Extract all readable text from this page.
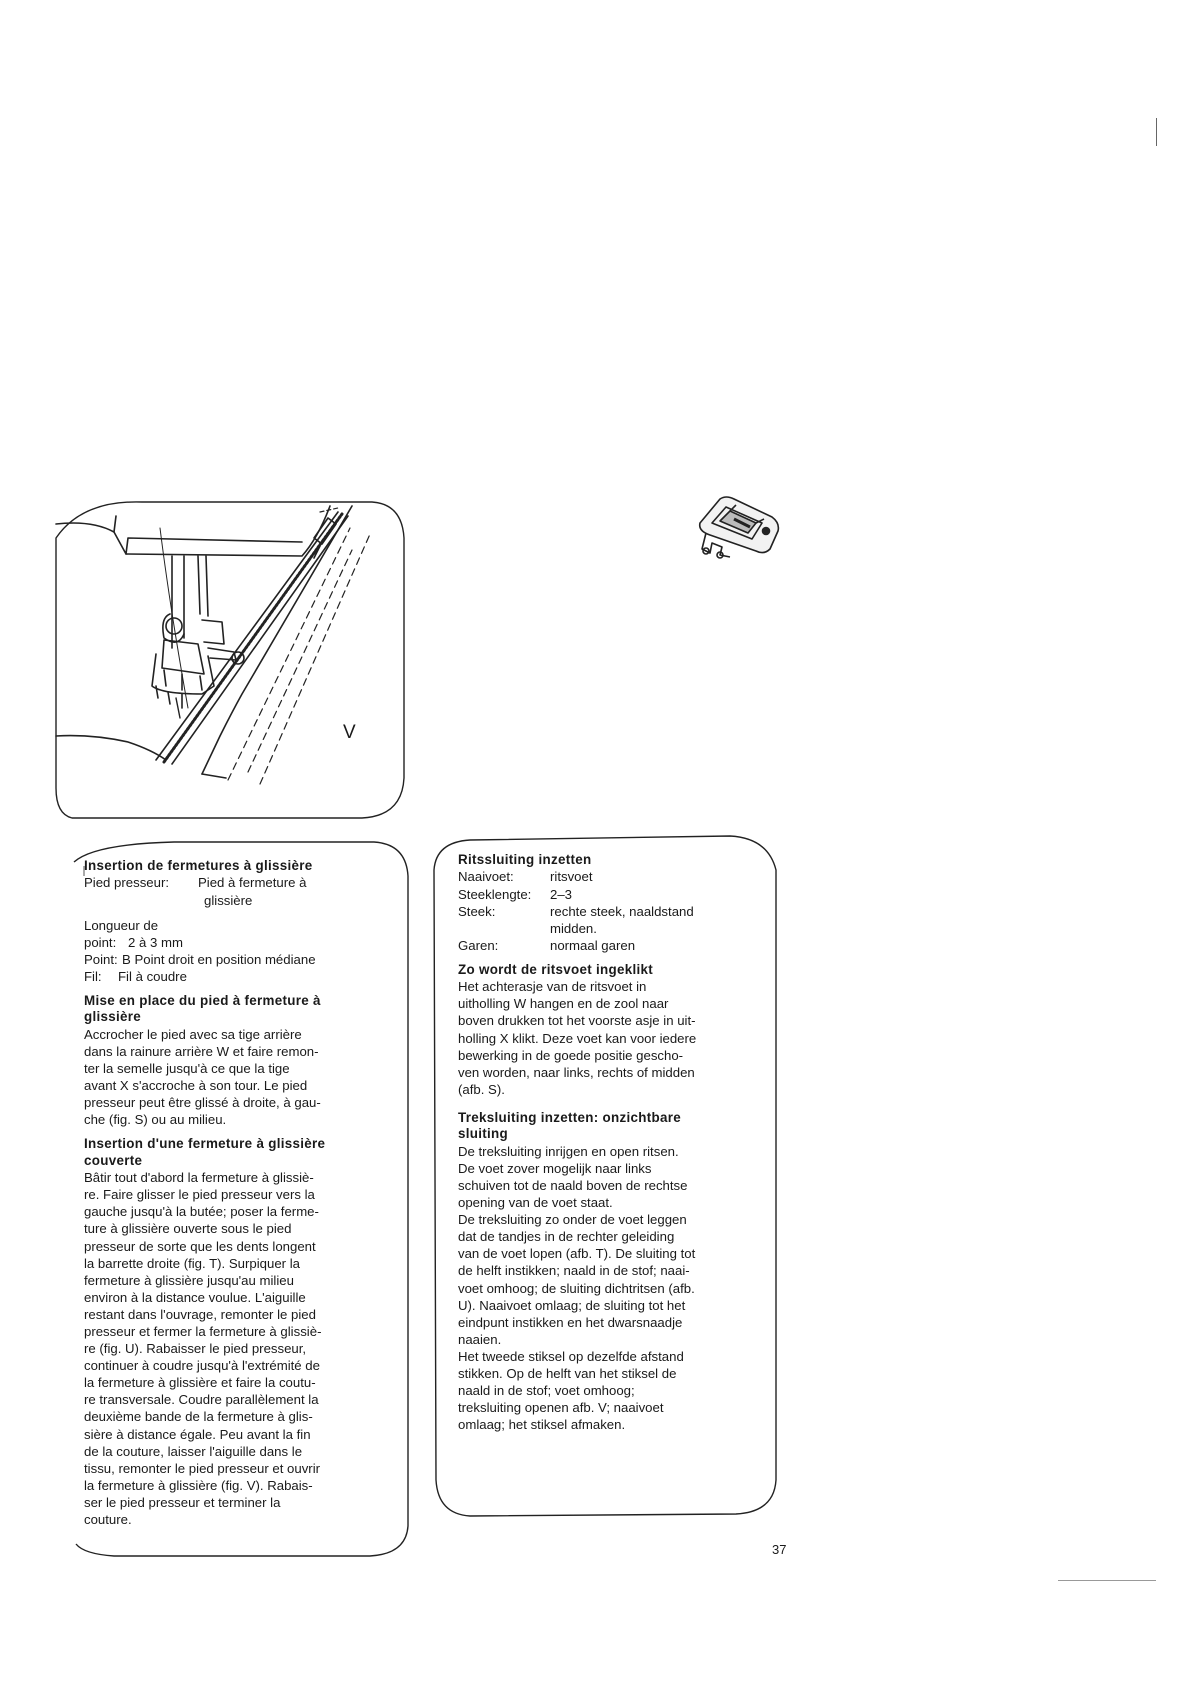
V
Insertion de fermetures à glissière
Pied presseur:	Pied à fermeture à
glissière

Longueur de

point: 2 à 3 mm
Point: B Point droit en position médiane
Fil:	Fil à coudre
Mise en place du pied à fermeture à
glissière

Accrocher le pied avec sa tige arrière

dans la rainure arrière W et faire remon-

ter la semelle jusqu'à ce que la tige

avant X s'accroche à son tour. Le pied

presseur peut être glissé à droite, à gau-

che (fig. S) ou au milieu.

Insertion d'une fermeture à glissière
couverte

Bâtir tout d'abord la fermeture à glissiè-

re. Faire glisser le pied presseur vers la

gauche jusqu'à la butée; poser la ferme-

ture à glissière ouverte sous le pied

presseur de sorte que les dents longent

la barrette droite (fig. T). Surpiquer la

fermeture à glissière jusqu'au milieu

environ à la distance voulue. L'aiguille

restant dans l'ouvrage, remonter le pied

presseur et fermer la fermeture à glissiè-

re (fig. U). Rabaisser le pied presseur,

continuer à coudre jusqu'à l'extrémité de

la fermeture à glissière et faire la coutu-

re transversale. Coudre parallèlement la

deuxième bande de la fermeture à glis-

sière à distance égale. Peu avant la fin

de la couture, laisser l'aiguille dans le

tissu, remonter le pied presseur et ouvrir

la fermeture à glissière (fig. V). Rabais-

ser le pied presseur et terminer la

couture.

Ritssluiting inzetten
Naaivoet:	ritsvoet
Steeklengte:	2–3
Steek:	rechte steek, naaldstand
midden.
Garen:	normaal garen
Zo wordt de ritsvoet ingeklikt

Het achterasje van de ritsvoet in

uitholling W hangen en de zool naar

boven drukken tot het voorste asje in uit-

holling X klikt. Deze voet kan voor iedere

bewerking in de goede positie gescho-

ven worden, naar links, rechts of midden

(afb. S).

Treksluiting inzetten: onzichtbare
sluiting

De treksluiting inrijgen en open ritsen.

De voet zover mogelijk naar links

schuiven tot de naald boven de rechtse

opening van de voet staat.

De treksluiting zo onder de voet leggen

dat de tandjes in de rechter geleiding

van de voet lopen (afb. T). De sluiting tot

de helft instikken; naald in de stof; naai-

voet omhoog; de sluiting dichtritsen (afb.

U). Naaivoet omlaag; de sluiting tot het

eindpunt instikken en het dwarsnaadje

naaien.

Het tweede stiksel op dezelfde afstand

stikken. Op de helft van het stiksel de

naald in de stof; voet omhoog;

treksluiting openen afb. V; naaivoet

omlaag; het stiksel afmaken.

37
